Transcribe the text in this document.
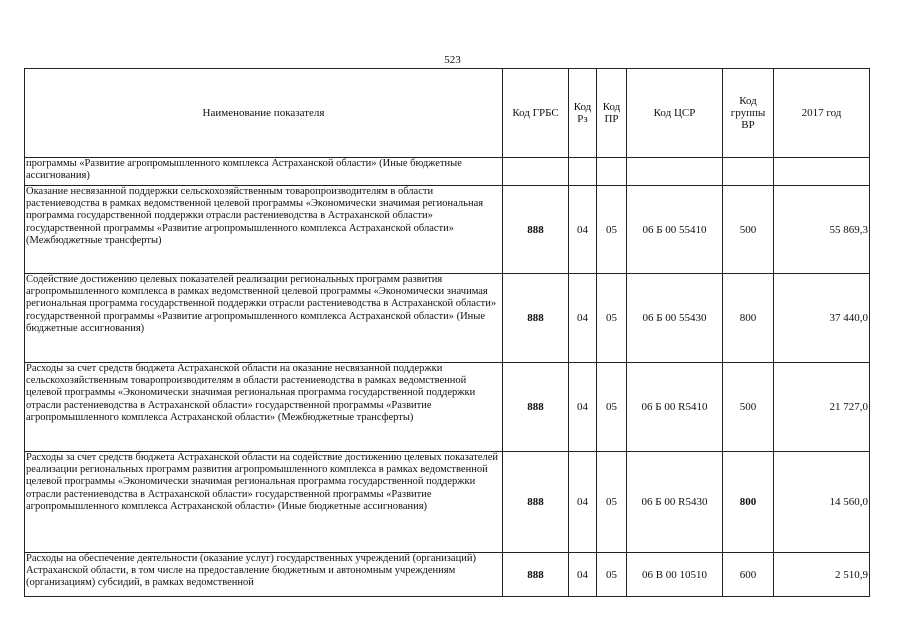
523
Наименование показателя	Код ГРБС	Код Рз	Код ПР	Код ЦСР	Код группы ВР	2017 год
программы «Развитие агропромышленного комплекса Астраханской области» (Иные бюджетные ассигнования)						
Оказание несвязанной поддержки сельскохозяйственным товаропроизводителям в области растениеводства в рамках ведомственной целевой программы «Экономически значимая региональная программа государственной поддержки отрасли растениеводства в Астраханской области» государственной программы «Развитие агропромышленного комплекса Астраханской области» (Межбюджетные трансферты)	888	04	05	06 Б 00 55410	500	55 869,3
Содействие достижению целевых показателей реализации региональных программ развития агропромышленного комплекса в рамках ведомственной целевой программы «Экономически значимая региональная программа государственной поддержки отрасли растениеводства в Астраханской области» государственной программы «Развитие агропромышленного комплекса Астраханской области» (Иные бюджетные ассигнования)	888	04	05	06 Б 00 55430	800	37 440,0
Расходы за счет средств бюджета Астраханской области на оказание несвязанной поддержки сельскохозяйственным товаропроизводителям в области растениеводства в рамках ведомственной целевой программы «Экономически значимая региональная программа государственной поддержки отрасли растениеводства в Астраханской области» государственной программы «Развитие агропромышленного комплекса Астраханской области» (Межбюджетные трансферты)	888	04	05	06 Б 00 R5410	500	21 727,0
Расходы за счет средств бюджета Астраханской области на содействие достижению целевых показателей реализации региональных программ развития агропромышленного комплекса в рамках ведомственной целевой программы «Экономически значимая региональная программа государственной поддержки отрасли растениеводства в Астраханской области» государственной программы «Развитие агропромышленного комплекса Астраханской области» (Иные бюджетные ассигнования)	888	04	05	06 Б 00 R5430	800	14 560,0
Расходы на обеспечение деятельности (оказание услуг) государственных учреждений (организаций) Астраханской области, в том числе на предоставление бюджетным и автономным учреждениям (организациям) субсидий, в рамках ведомственной	888	04	05	06 В 00 10510	600	2 510,9
